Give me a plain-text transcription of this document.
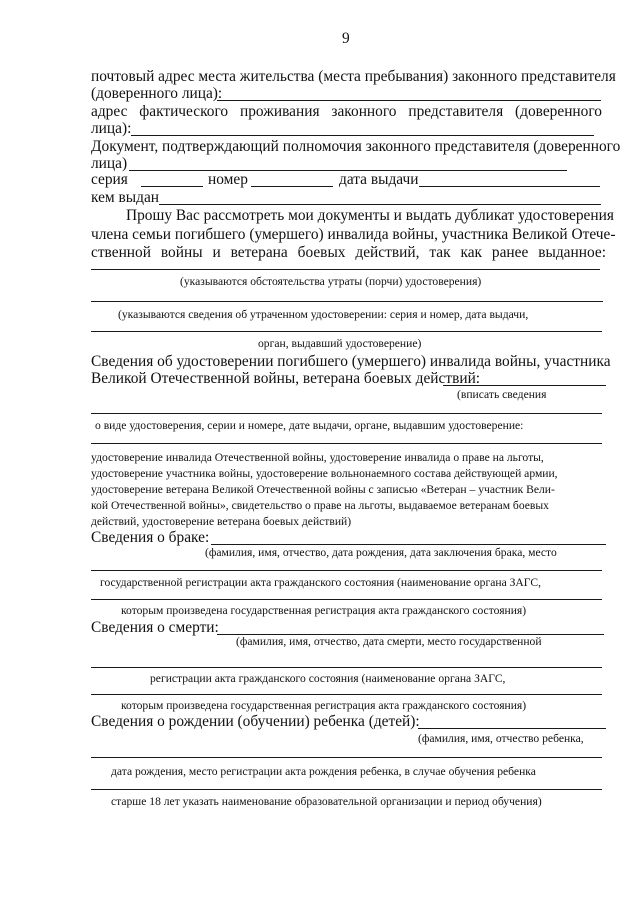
9
почтовый адрес места жительства (места пребывания) законного представителя
(доверенного лица):
адрес фактического проживания законного представителя (доверенного
лица):
Документ, подтверждающий полномочия законного представителя (доверенного
лица)
серия	номер	дата выдачи
кем выдан
Прошу Вас рассмотреть мои документы и выдать дубликат удостоверения
члена семьи погибшего (умершего) инвалида войны, участника Великой Отече-
ственной войны и ветерана боевых действий, так как ранее выданное:
(указываются обстоятельства утраты (порчи) удостоверения)
(указываются сведения об утраченном удостоверении: серия и номер, дата выдачи,
орган, выдавший удостоверение)
Сведения об удостоверении погибшего (умершего) инвалида войны, участника
Великой Отечественной войны, ветерана боевых действий:
(вписать сведения
о виде удостоверения, серии и номере, дате выдачи, органе, выдавшим удостоверение:
удостоверение инвалида Отечественной войны, удостоверение инвалида о праве на льготы,
удостоверение участника войны, удостоверение вольнонаемного состава действующей армии,
удостоверение ветерана Великой Отечественной войны с записью «Ветеран – участник Вели-
кой Отечественной войны», свидетельство о праве на льготы, выдаваемое ветеранам боевых
действий, удостоверение ветерана боевых действий)
Сведения о браке:
(фамилия, имя, отчество, дата рождения, дата заключения брака, место
государственной регистрации акта гражданского состояния (наименование органа ЗАГС,
которым произведена государственная регистрация акта гражданского состояния)
Сведения о смерти:
(фамилия, имя, отчество, дата смерти, место государственной
регистрации акта гражданского состояния (наименование органа ЗАГС,
которым произведена государственная регистрация акта гражданского состояния)
Сведения о рождении (обучении) ребенка (детей):
(фамилия, имя, отчество ребенка,
дата рождения, место регистрации акта рождения ребенка, в случае обучения ребенка
старше 18 лет указать наименование образовательной организации и период обучения)
